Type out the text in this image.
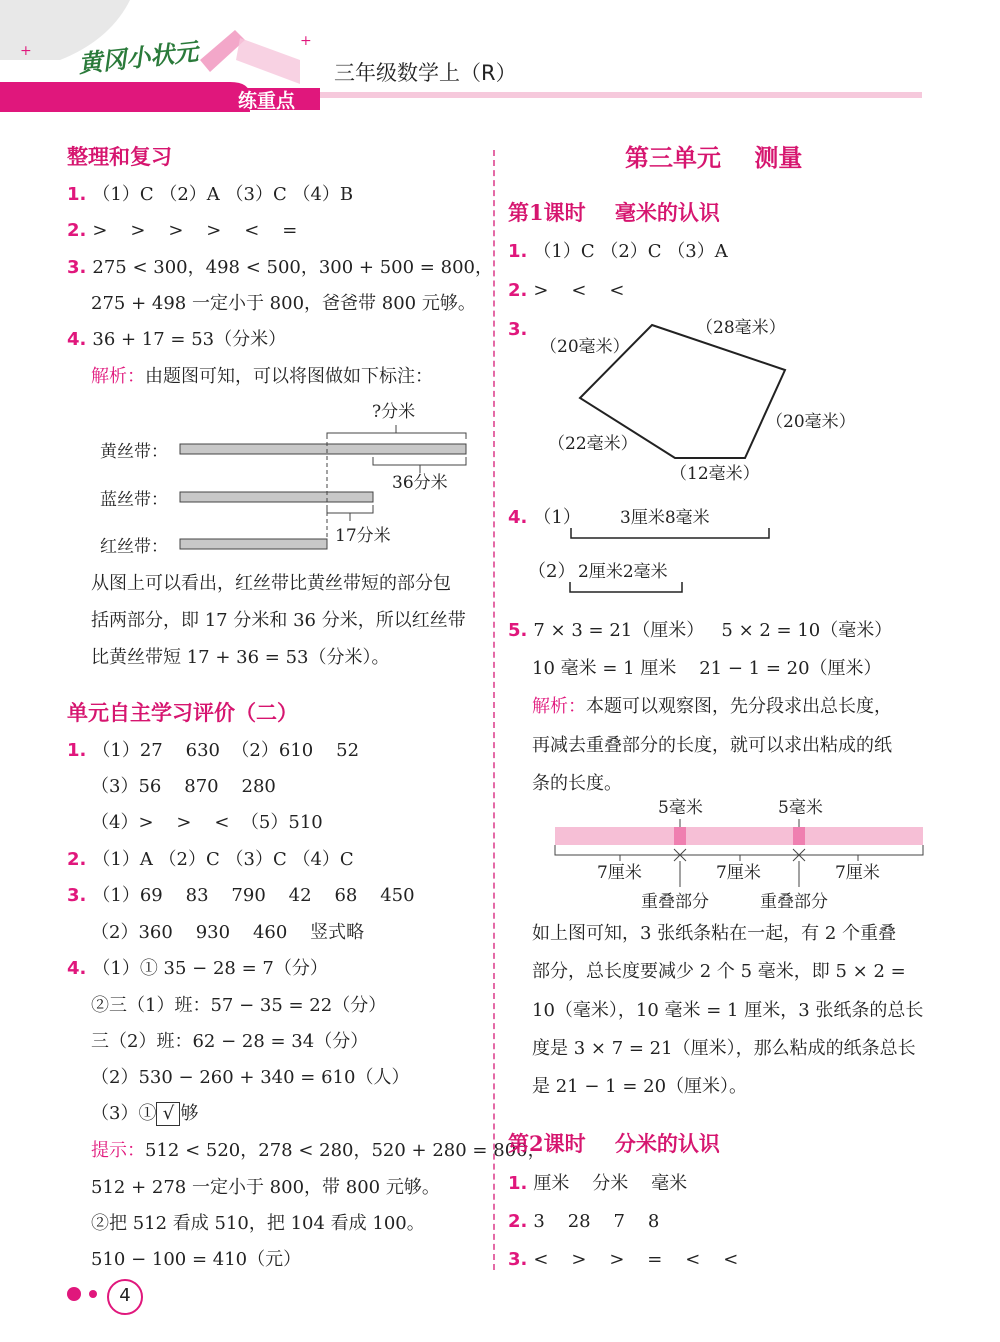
+
+
黄冈小状元
练重点
三年级数学上（R）
整理和复习
1. （1）C （2）A （3）C （4）B
2. >    >    >    >    <    =
3. 275 < 300，498 < 500，300 + 500 = 800，
275 + 498 一定小于 800，爸爸带 800 元够。
4. 36 + 17 = 53（分米）
解析：由题图可知，可以将图做如下标注：
黄丝带：
蓝丝带：
红丝带：
?分米
36分米
17分米
从图上可以看出，红丝带比黄丝带短的部分包
括两部分，即 17 分米和 36 分米，所以红丝带
比黄丝带短 17 + 36 = 53（分米）。
单元自主学习评价（二）
1. （1）27    630  （2）610    52
（3）56    870    280
（4）>    >    <  （5）510
2. （1）A （2）C （3）C （4）C
3. （1）69    83    790    42    68    450
（2）360    930    460    竖式略
4. （1）① 35 − 28 = 7（分）
②三（1）班：57 − 35 = 22（分）
三（2）班：62 − 28 = 34（分）
（2）530 − 260 + 340 = 610（人）
（3）① √ 够
提示：512 < 520，278 < 280，520 + 280 = 800，
512 + 278 一定小于 800，带 800 元够。
②把 512 看成 510，把 104 看成 100。
510 − 100 = 410（元）
4
第三单元    测量
第1课时    毫米的认识
1. （1）C （2）C （3）A
2. >    <    <
3.
（20毫米）
（28毫米）
（20毫米）
（12毫米）
（22毫米）
4. （1） 3厘米8毫米
（2） 2厘米2毫米
5. 7 × 3 = 21（厘米）   5 × 2 = 10（毫米）
10 毫米 = 1 厘米    21 − 1 = 20（厘米）
解析：本题可以观察图，先分段求出总长度，
再减去重叠部分的长度，就可以求出粘成的纸
条的长度。
5毫米	5毫米
7厘米	7厘米	7厘米
重叠部分	重叠部分
如上图可知，3 张纸条粘在一起，有 2 个重叠
部分，总长度要减少 2 个 5 毫米，即 5 × 2 =
10（毫米），10 毫米 = 1 厘米，3 张纸条的总长
度是 3 × 7 = 21（厘米），那么粘成的纸条总长
是 21 − 1 = 20（厘米）。
第2课时    分米的认识
1. 厘米    分米    毫米
2. 3    28    7    8
3. <    >    >    =    <    <
